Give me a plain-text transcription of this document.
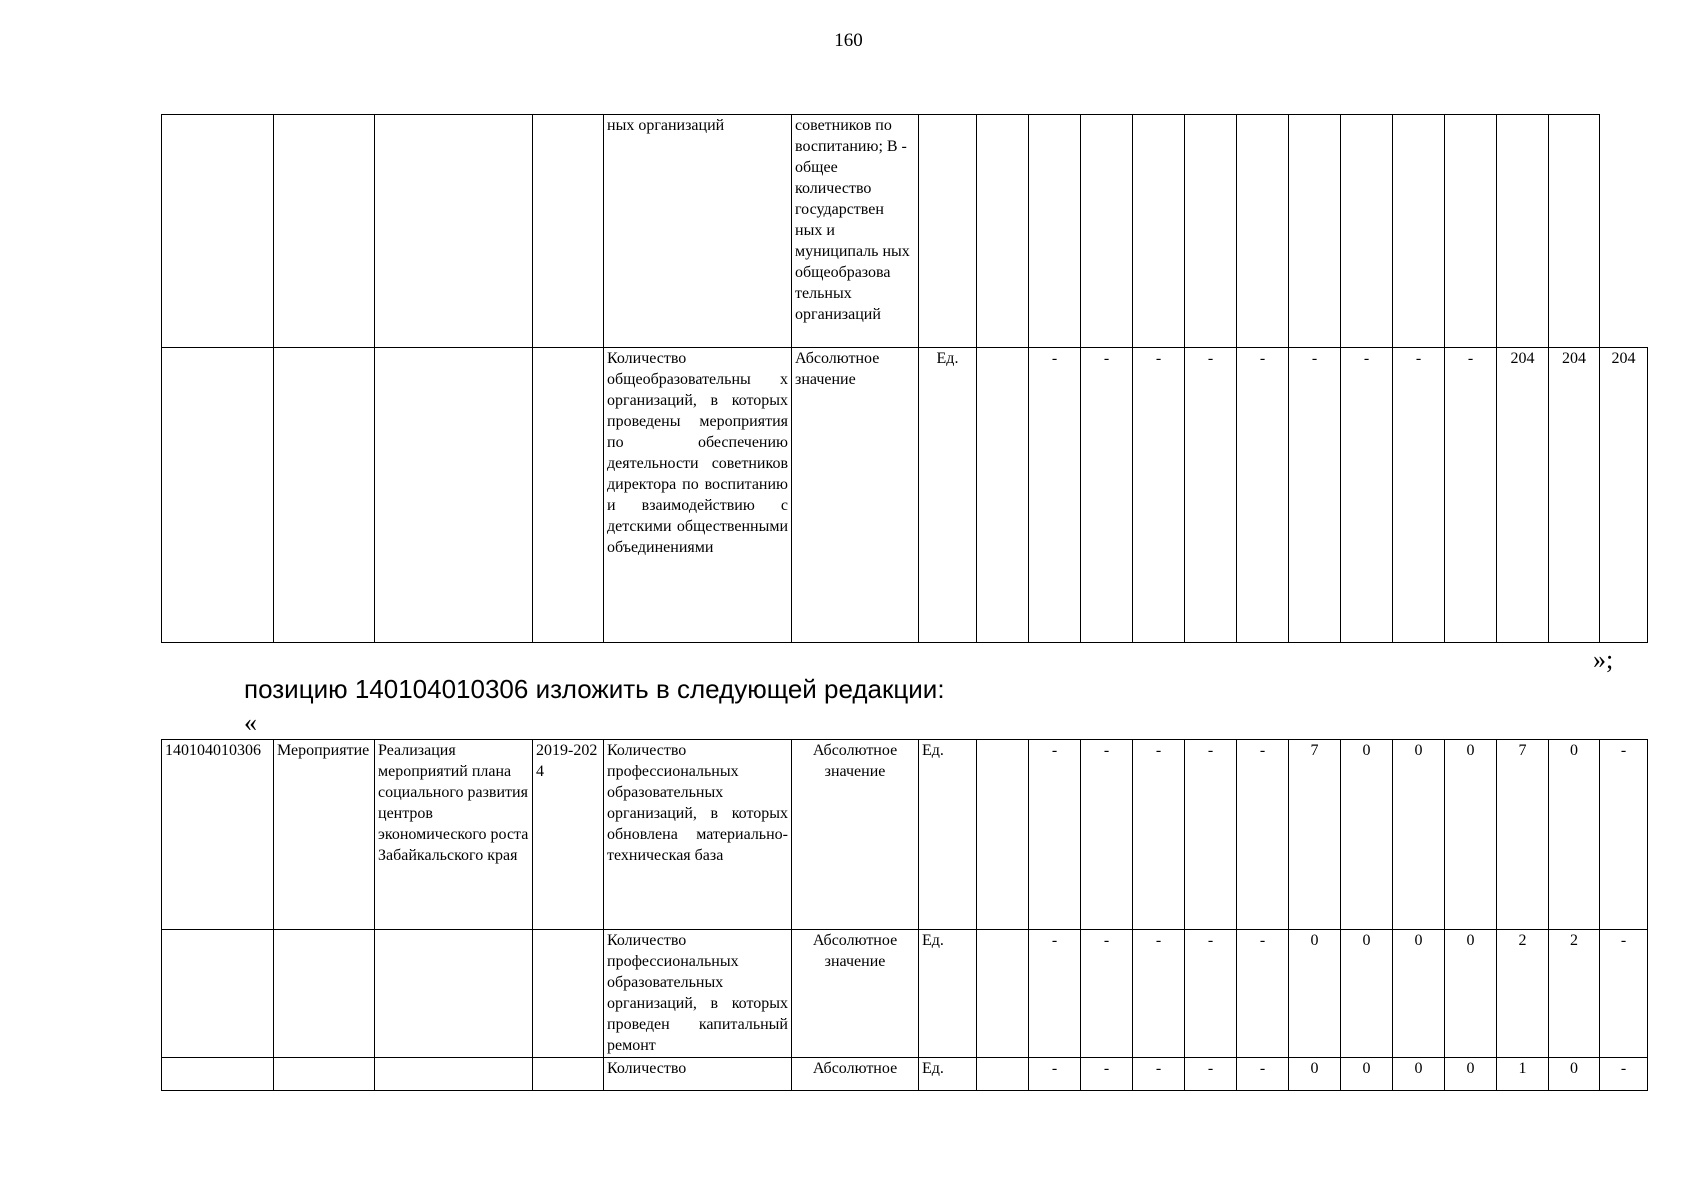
160
				ных организаций	советников по воспитанию; В - общее количество государствен ных и муниципаль ных общеобразова тельных организаций														
				Количество общеобразовательны х организаций, в которых проведены мероприятия по обеспечению деятельности советников директора по воспитанию и взаимодействию с детскими общественными объединениями	Абсолютное значение	Ед.		-	-	-	-	-	-	-	-	-	204	204	204
»;
позицию 140104010306 изложить в следующей редакции:
«
140104010306	Мероприятие	Реализация мероприятий плана социального развития центров экономического роста Забайкальского края	2019-2024	Количество профессиональных образовательных организаций, в которых обновлена материально-техническая база	Абсолютное значение	Ед.		-	-	-	-	-	7	0	0	0	7	0	-
				Количество профессиональных образовательных организаций, в которых проведен капитальный ремонт	Абсолютное значение	Ед.		-	-	-	-	-	0	0	0	0	2	2	-
				Количество	Абсолютное	Ед.		-	-	-	-	-	0	0	0	0	1	0	-
